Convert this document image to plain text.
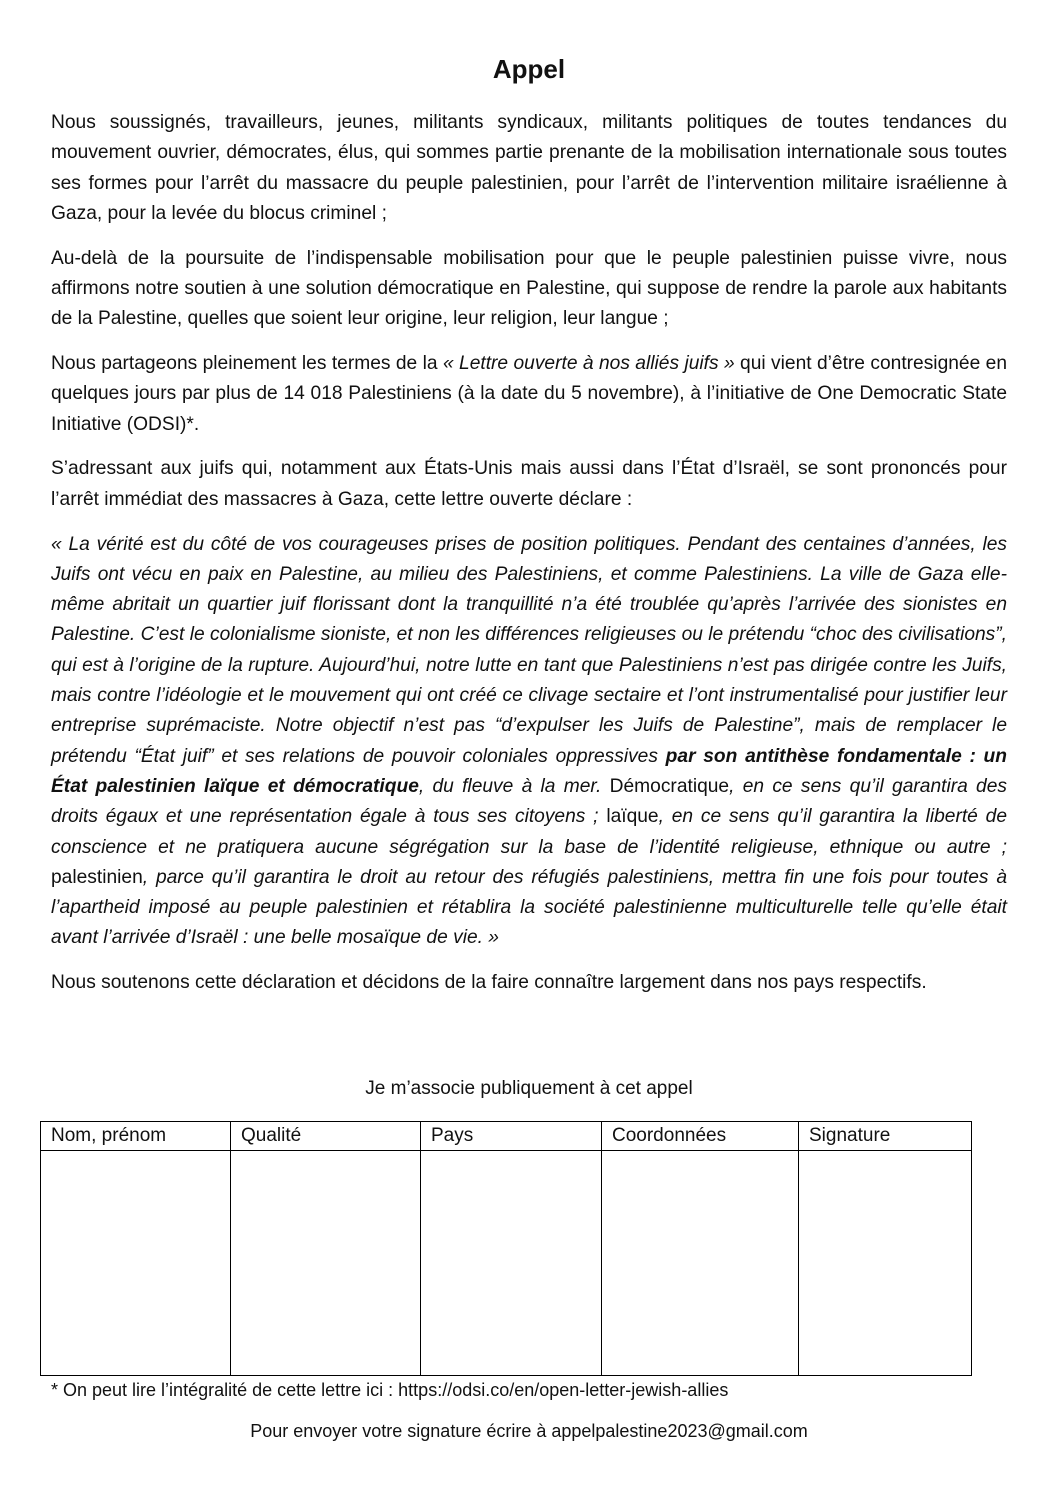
Appel

Nous soussignés, travailleurs, jeunes, militants syndicaux, militants politiques de toutes tendances du mouvement ouvrier, démocrates, élus, qui sommes partie prenante de la mobilisation internationale sous toutes ses formes pour l’arrêt du massacre du peuple palestinien, pour l’arrêt de l’intervention militaire israélienne à Gaza, pour la levée du blocus criminel ;

Au-delà de la poursuite de l’indispensable mobilisation pour que le peuple palestinien puisse vivre, nous affirmons notre soutien à une solution démocratique en Palestine, qui suppose de rendre la parole aux habitants de la Palestine, quelles que soient leur origine, leur religion, leur langue ;

Nous partageons pleinement les termes de la « Lettre ouverte à nos alliés juifs » qui vient d’être contresignée en quelques jours par plus de 14 018 Palestiniens (à la date du 5 novembre), à l’initiative de One Democratic State Initiative (ODSI)*.

S’adressant aux juifs qui, notamment aux États-Unis mais aussi dans l’État d’Israël, se sont prononcés pour l’arrêt immédiat des massacres à Gaza, cette lettre ouverte déclare :

« La vérité est du côté de vos courageuses prises de position politiques. Pendant des centaines d’années, les Juifs ont vécu en paix en Palestine, au milieu des Palestiniens, et comme Palestiniens. La ville de Gaza elle-même abritait un quartier juif florissant dont la tranquillité n’a été troublée qu’après l’arrivée des sionistes en Palestine. C’est le colonialisme sioniste, et non les différences religieuses ou le prétendu “choc des civilisations”, qui est à l’origine de la rupture. Aujourd’hui, notre lutte en tant que Palestiniens n’est pas dirigée contre les Juifs, mais contre l’idéologie et le mouvement qui ont créé ce clivage sectaire et l’ont instrumentalisé pour justifier leur entreprise suprémaciste. Notre objectif n’est pas “d’expulser les Juifs de Palestine”, mais de remplacer le prétendu “État juif” et ses relations de pouvoir coloniales oppressives par son antithèse fondamentale : un État palestinien laïque et démocratique, du fleuve à la mer. Démocratique, en ce sens qu’il garantira des droits égaux et une représentation égale à tous ses citoyens ; laïque, en ce sens qu’il garantira la liberté de conscience et ne pratiquera aucune ségrégation sur la base de l’identité religieuse, ethnique ou autre ; palestinien, parce qu’il garantira le droit au retour des réfugiés palestiniens, mettra fin une fois pour toutes à l’apartheid imposé au peuple palestinien et rétablira la société palestinienne multiculturelle telle qu’elle était avant l’arrivée d’Israël : une belle mosaïque de vie. »

Nous soutenons cette déclaration et décidons de la faire connaître largement dans nos pays respectifs.

Je m’associe publiquement à cet appel
Nom, prénom	Qualité	Pays	Coordonnées	Signature

* On peut lire l’intégralité de cette lettre ici : https://odsi.co/en/open-letter-jewish-allies
Pour envoyer votre signature écrire à appelpalestine2023@gmail.com
